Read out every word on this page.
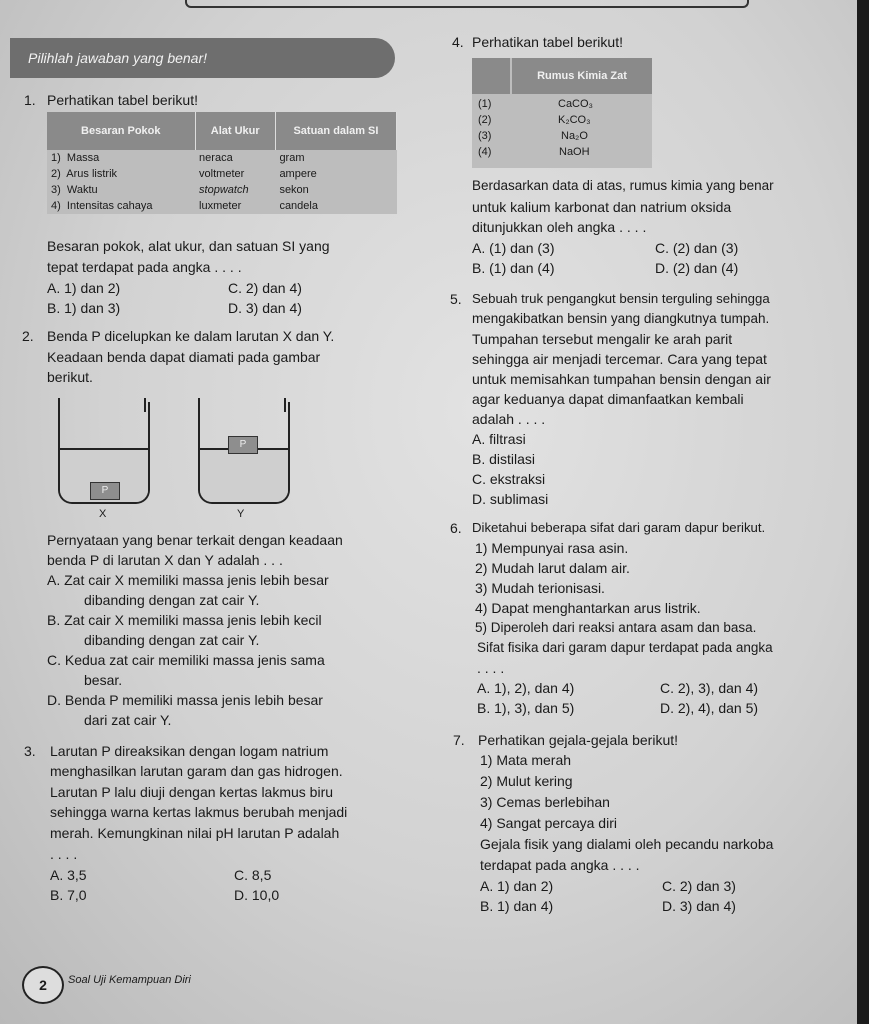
Pilihlah jawaban yang benar!
1. Perhatikan tabel berikut!
Besaran Pokok	Alat Ukur	Satuan dalam SI
1) Massa	neraca	gram
2) Arus listrik	voltmeter	ampere
3) Waktu	stopwatch	sekon
4) Intensitas cahaya	luxmeter	candela
Besaran pokok, alat ukur, dan satuan SI yang
tepat terdapat pada angka . . . .
A. 1) dan 2)	C. 2) dan 4)
B. 1) dan 3)	D. 3) dan 4)
2. Benda P dicelupkan ke dalam larutan X dan Y.
Keadaan benda dapat diamati pada gambar
berikut.
P
X
P
Y
Pernyataan yang benar terkait dengan keadaan
benda P di larutan X dan Y adalah . . .
A. Zat cair X memiliki massa jenis lebih besar
dibanding dengan zat cair Y.
B. Zat cair X memiliki massa jenis lebih kecil
dibanding dengan zat cair Y.
C. Kedua zat cair memiliki massa jenis sama
besar.
D. Benda P memiliki massa jenis lebih besar
dari zat cair Y.
3. Larutan P direaksikan dengan logam natrium
menghasilkan larutan garam dan gas hidrogen.
Larutan P lalu diuji dengan kertas lakmus biru
sehingga warna kertas lakmus berubah menjadi
merah. Kemungkinan nilai pH larutan P adalah
. . . .
A. 3,5	C. 8,5
B. 7,0	D. 10,0
4. Perhatikan tabel berikut!
Rumus Kimia Zat
(1)	CaCO₃
(2)	K₂CO₃
(3)	Na₂O
(4)	NaOH
Berdasarkan data di atas, rumus kimia yang benar
untuk kalium karbonat dan natrium oksida
ditunjukkan oleh angka . . . .
A. (1) dan (3)	C. (2) dan (3)
B. (1) dan (4)	D. (2) dan (4)
5. Sebuah truk pengangkut bensin terguling sehingga
mengakibatkan bensin yang diangkutnya tumpah.
Tumpahan tersebut mengalir ke arah parit
sehingga air menjadi tercemar. Cara yang tepat
untuk memisahkan tumpahan bensin dengan air
agar keduanya dapat dimanfaatkan kembali
adalah . . . .
A. filtrasi
B. distilasi
C. ekstraksi
D. sublimasi
6. Diketahui beberapa sifat dari garam dapur berikut.
1) Mempunyai rasa asin.
2) Mudah larut dalam air.
3) Mudah terionisasi.
4) Dapat menghantarkan arus listrik.
5) Diperoleh dari reaksi antara asam dan basa.
Sifat fisika dari garam dapur terdapat pada angka
. . . .
A. 1), 2), dan 4)	C. 2), 3), dan 4)
B. 1), 3), dan 5)	D. 2), 4), dan 5)
7. Perhatikan gejala-gejala berikut!
1) Mata merah
2) Mulut kering
3) Cemas berlebihan
4) Sangat percaya diri
Gejala fisik yang dialami oleh pecandu narkoba
terdapat pada angka . . . .
A. 1) dan 2)	C. 2) dan 3)
B. 1) dan 4)	D. 3) dan 4)
2	Soal Uji Kemampuan Diri
